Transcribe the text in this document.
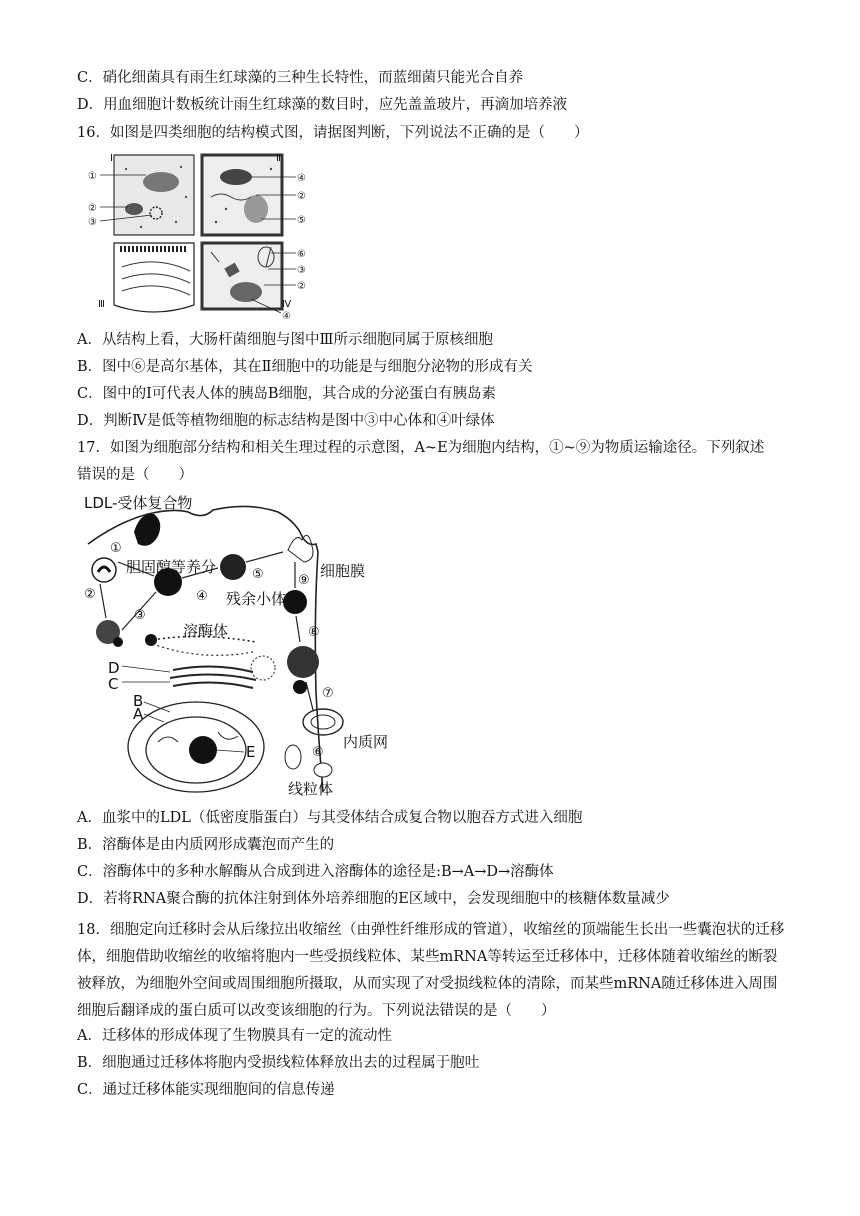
C．硝化细菌具有雨生红球藻的三种生长特性，而蓝细菌只能光合自养
D．用血细胞计数板统计雨生红球藻的数目时，应先盖盖玻片，再滴加培养液
16．如图是四类细胞的结构模式图，请据图判断，下列说法不正确的是（　　）
Ⅰ	Ⅱ
Ⅲ	Ⅳ
①
②
③
④
②
⑤
⑥
③
②
④
A．从结构上看，大肠杆菌细胞与图中Ⅲ所示细胞同属于原核细胞
B．图中⑥是高尔基体，其在Ⅱ细胞中的功能是与细胞分泌物的形成有关
C．图中的Ⅰ可代表人体的胰岛B细胞，其合成的分泌蛋白有胰岛素
D．判断Ⅳ是低等植物细胞的标志结构是图中③中心体和④叶绿体
17．如图为细胞部分结构和相关生理过程的示意图，A~E为细胞内结构，①~⑨为物质运输途径。下列叙述
错误的是（　　）
LDL-受体复合物
胆固醇等养分	细胞膜
残余小体
溶酶体
内质网
线粒体
A
B
C
D
E
①
②
③
④
⑤
⑥
⑦
⑧
⑨
A．血浆中的LDL（低密度脂蛋白）与其受体结合成复合物以胞吞方式进入细胞
B．溶酶体是由内质网形成囊泡而产生的
C．溶酶体中的多种水解酶从合成到进入溶酶体的途径是:B→A→D→溶酶体
D．若将RNA聚合酶的抗体注射到体外培养细胞的E区域中，会发现细胞中的核糖体数量减少
18．细胞定向迁移时会从后缘拉出收缩丝（由弹性纤维形成的管道），收缩丝的顶端能生长出一些囊泡状的迁移体，细胞借助收缩丝的收缩将胞内一些受损线粒体、某些mRNA等转运至迁移体中，迁移体随着收缩丝的断裂被释放，为细胞外空间或周围细胞所摄取，从而实现了对受损线粒体的清除，而某些mRNA随迁移体进入周围细胞后翻译成的蛋白质可以改变该细胞的行为。下列说法错误的是（　　）
A．迁移体的形成体现了生物膜具有一定的流动性
B．细胞通过迁移体将胞内受损线粒体释放出去的过程属于胞吐
C．通过迁移体能实现细胞间的信息传递
